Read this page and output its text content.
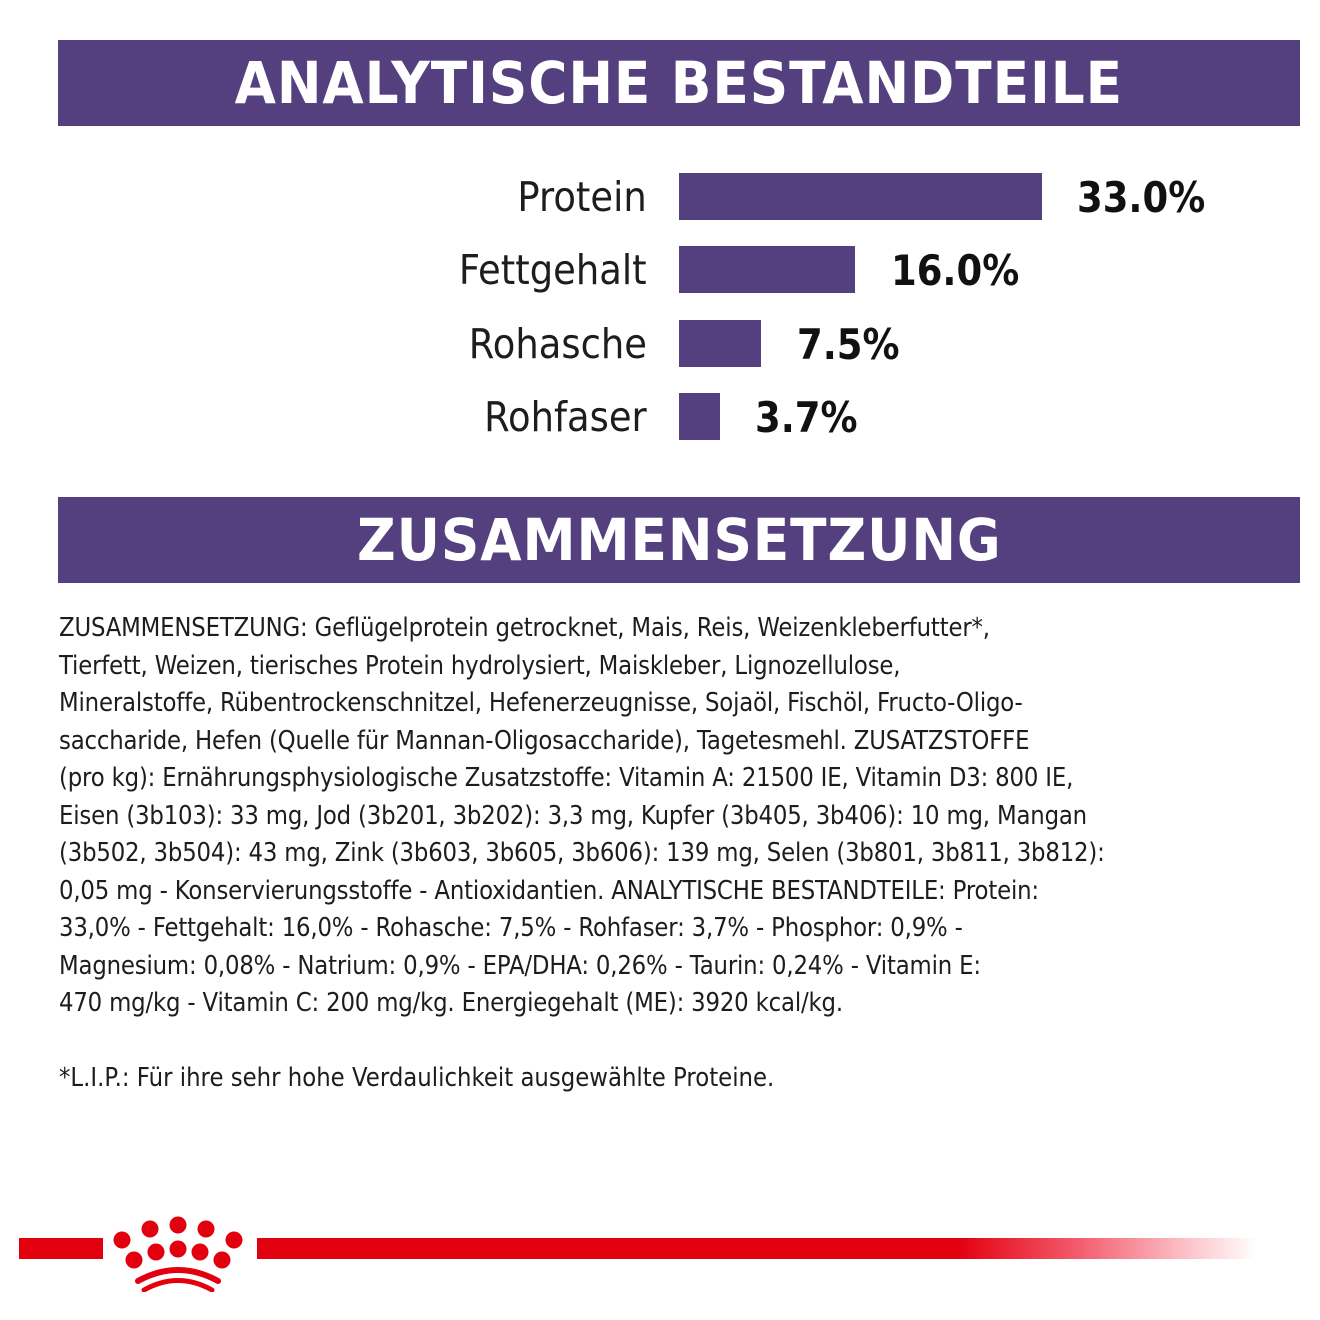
ANALYTISCHE BESTANDTEILE
Protein	33.0%
Fettgehalt	16.0%
Rohasche	7.5%
Rohfaser	3.7%
ZUSAMMENSETZUNG
ZUSAMMENSETZUNG: Geflügelprotein getrocknet, Mais, Reis, Weizenkleberfutter*,
Tierfett, Weizen, tierisches Protein hydrolysiert, Maiskleber, Lignozellulose,
Mineralstoffe, Rübentrockenschnitzel, Hefenerzeugnisse, Sojaöl, Fischöl, Fructo-Oligo-
saccharide, Hefen (Quelle für Mannan-Oligosaccharide), Tagetesmehl. ZUSATZSTOFFE
(pro kg): Ernährungsphysiologische Zusatzstoffe: Vitamin A: 21500 IE, Vitamin D3: 800 IE,
Eisen (3b103): 33 mg, Jod (3b201, 3b202): 3,3 mg, Kupfer (3b405, 3b406): 10 mg, Mangan
(3b502, 3b504): 43 mg, Zink (3b603, 3b605, 3b606): 139 mg, Selen (3b801, 3b811, 3b812):
0,05 mg - Konservierungsstoffe - Antioxidantien. ANALYTISCHE BESTANDTEILE: Protein:
33,0% - Fettgehalt: 16,0% - Rohasche: 7,5% - Rohfaser: 3,7% - Phosphor: 0,9% -
Magnesium: 0,08% - Natrium: 0,9% - EPA/DHA: 0,26% - Taurin: 0,24% - Vitamin E:
470 mg/kg - Vitamin C: 200 mg/kg. Energiegehalt (ME): 3920 kcal/kg.
*L.I.P.: Für ihre sehr hohe Verdaulichkeit ausgewählte Proteine.
